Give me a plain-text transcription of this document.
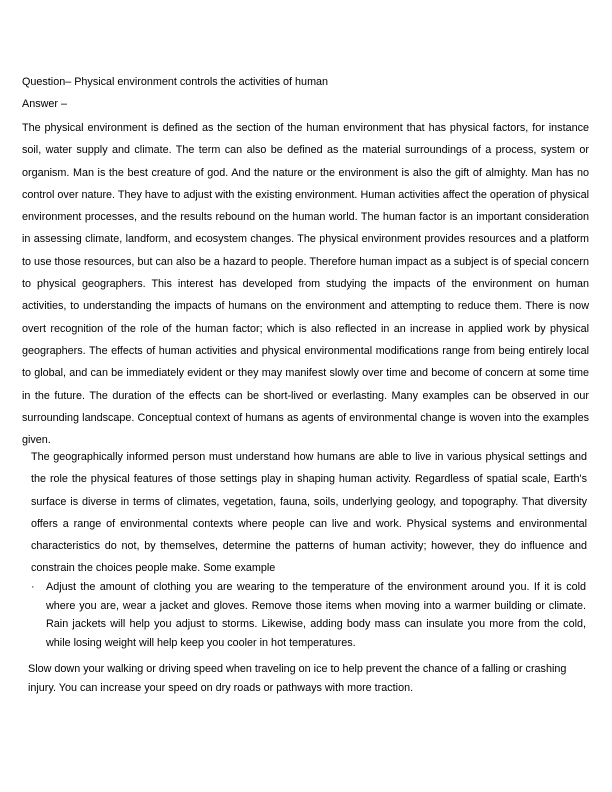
Question– Physical environment controls the activities of human
Answer –
The physical environment is defined as the section of the human environment that has physical factors, for instance soil, water supply and climate. The term can also be defined as the material surroundings of a process, system or organism. Man is the best creature of god. And the nature or the environment is also the gift of almighty. Man has no control over nature. They have to adjust with the existing environment. Human activities affect the operation of physical environment processes, and the results rebound on the human world. The human factor is an important consideration in assessing climate, landform, and ecosystem changes. The physical environment provides resources and a platform to use those resources, but can also be a hazard to people. Therefore human impact as a subject is of special concern to physical geographers. This interest has developed from studying the impacts of the environment on human activities, to understanding the impacts of humans on the environment and attempting to reduce them. There is now overt recognition of the role of the human factor; which is also reflected in an increase in applied work by physical geographers. The effects of human activities and physical environmental modifications range from being entirely local to global, and can be immediately evident or they may manifest slowly over time and become of concern at some time in the future. The duration of the effects can be short-lived or everlasting. Many examples can be observed in our surrounding landscape. Conceptual context of humans as agents of environmental change is woven into the examples given.
The geographically informed person must understand how humans are able to live in various physical settings and the role the physical features of those settings play in shaping human activity. Regardless of spatial scale, Earth's surface is diverse in terms of climates, vegetation, fauna, soils, underlying geology, and topography. That diversity offers a range of environmental contexts where people can live and work. Physical systems and environmental characteristics do not, by themselves, determine the patterns of human activity; however, they do influence and constrain the choices people make. Some example
· Adjust the amount of clothing you are wearing to the temperature of the environment around you. If it is cold where you are, wear a jacket and gloves. Remove those items when moving into a warmer building or climate. Rain jackets will help you adjust to storms. Likewise, adding body mass can insulate you more from the cold, while losing weight will help keep you cooler in hot temperatures.
Slow down your walking or driving speed when traveling on ice to help prevent the chance of a falling or crashing injury. You can increase your speed on dry roads or pathways with more traction.
